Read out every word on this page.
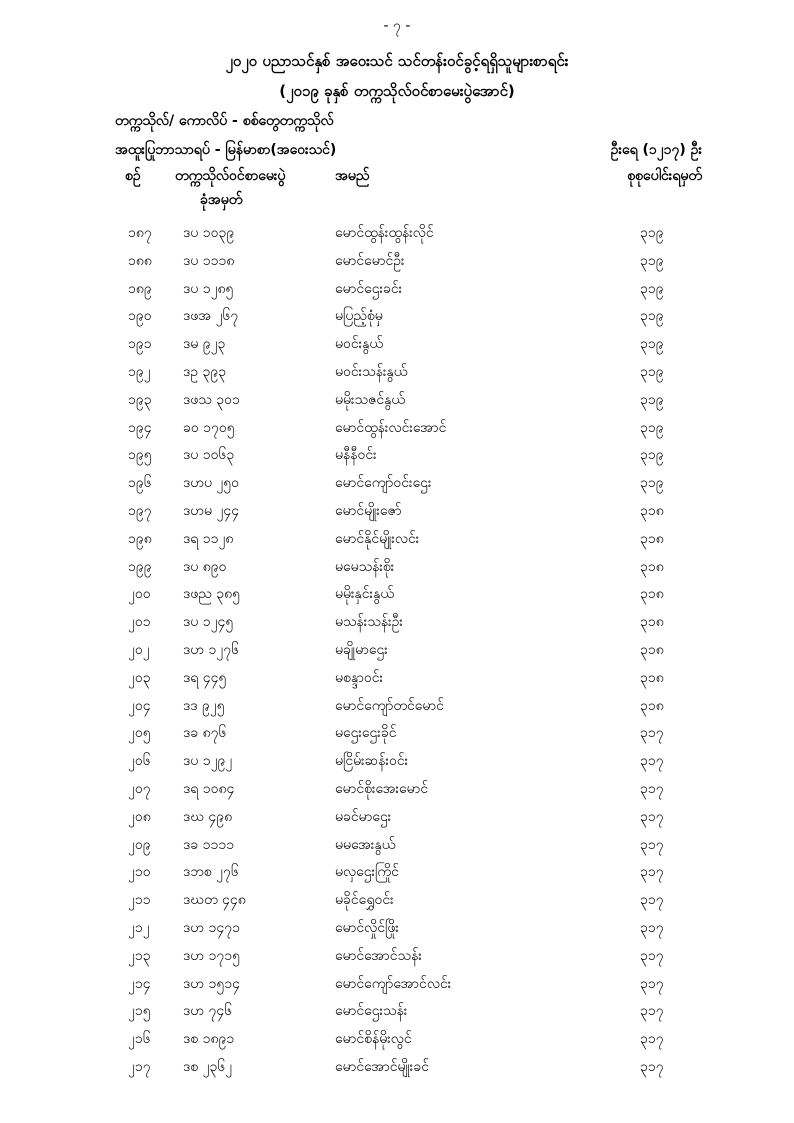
- ၇ -
၂၀၂၀ ပညာသင်နှစ် အဝေးသင် သင်တန်းဝင်ခွင့်ရရှိသူများစာရင်း
(၂၀၁၉ ခုနှစ် တက္ကသိုလ်ဝင်စာမေးပွဲအောင်)
တက္ကသိုလ်/ ကောလိပ် - စစ်တွေတက္ကသိုလ်
အထူးပြုဘာသာရပ် - မြန်မာစာ(အဝေးသင်)	ဦးရေ (၁၂၁၇) ဦး
စဉ် တက္ကသိုလ်ဝင်စာမေးပွဲ
ခုံအမှတ်
အမည်	စုစုပေါင်းရမှတ်
၁၈၇ ဒပ ၁၀၃၉	မောင်ထွန်းထွန်းလိုင်	၃၁၉
၁၈၈ ဒပ ၁၁၁၈	မောင်မောင်ဦး	၃၁၉
၁၈၉ ဒပ ၁၂၈၅	မောင်ဌေးခင်း	၃၁၉
၁၉၀ ဒဖအ ၂၆၇	မပြည့်စုံမှ	၃၁၉
၁၉၁ ဒမ ၉၂၃	မဝင်းနွယ်	၃၁၉
၁၉၂ ဒဥ ၃၉၃	မဝင်းသန်းနွယ်	၃၁၉
၁၉၃ ဒဖသ ၃၀၁	မမိုးသဇင်နွယ်	၃၁၉
၁၉၄ ခဝ ၁၇၀၅	မောင်ထွန်းလင်းအောင်	၃၁၉
၁၉၅ ဒပ ၁၀၆၃	မနီနီဝင်း	၃၁၉
၁၉၆ ဒဟပ ၂၅၀	မောင်ကျော်ဝင်းဌေး	၃၁၉
၁၉၇ ဒဟမ ၂၄၄	မောင်မျိုးဇော်	၃၁၈
၁၉၈ ဒရ ၁၁၂၈	မောင်နိုင်မျိုးလင်း	၃၁၈
၁၉၉ ဒပ ၈၉၀	မမေသန်းစိုး	၃၁၈
၂၀၀ ဒဖည ၃၈၅	မမိုးနှင်းနွယ်	၃၁၈
၂၀၁ ဒပ ၁၂၄၅	မသန်းသန်းဦး	၃၁၈
၂၀၂ ဒဟ ၁၂၇၆	မချိုမာဌေး	၃၁၈
၂၀၃ ဒရ ၄၄၅	မစန္ဒာဝင်း	၃၁၈
၂၀၄ ဒဒ ၉၂၅	မောင်ကျော်တင်မောင်	၃၁၈
၂၀၅ ဒခ ၈၇၆	မဌေးဌေးခိုင်	၃၁၇
၂၀၆ ဒပ ၁၂၉၂	မငြိမ်းဆန်းဝင်း	၃၁၇
၂၀၇ ဒရ ၁၀၈၄	မောင်စိုးအေးမောင်	၃၁၇
၂၀၈ ဒဃ ၄၉၈	မခင်မာဌေး	၃၁၇
၂၀၉ ဒခ ၁၁၁၁	မမအေးနွယ်	၃၁၇
၂၁၀ ဒဘစ ၂၇၆	မလှဌေးကြိုင်	၃၁၇
၂၁၁ ဒဃတ ၄၄၈	မခိုင်ရွှေဝင်း	၃၁၇
၂၁၂ ဒဟ ၁၄၇၁	မောင်လှိုင်ဖြိုး	၃၁၇
၂၁၃ ဒဟ ၁၇၁၅	မောင်အောင်သန်း	၃၁၇
၂၁၄ ဒဟ ၁၅၁၄	မောင်ကျော်အောင်လင်း	၃၁၇
၂၁၅ ဒဟ ၇၄၆	မောင်ဌေးသန်း	၃၁၇
၂၁၆ ဒစ ၁၈၉၁	မောင်စိန်မိုးလွင်	၃၁၇
၂၁၇ ဒစ ၂၃၆၂	မောင်အောင်မျိုးခင်	၃၁၇
